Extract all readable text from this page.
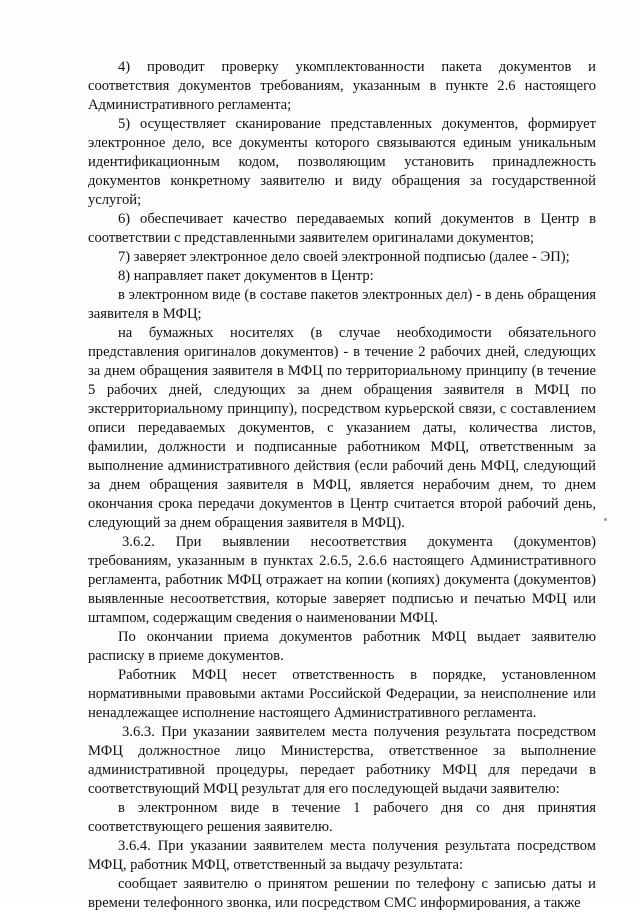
4) проводит проверку укомплектованности пакета документов и соответствия документов требованиям, указанным в пункте 2.6 настоящего Административного регламента;

5) осуществляет сканирование представленных документов, формирует электронное дело, все документы которого связываются единым уникальным идентификационным кодом, позволяющим установить принадлежность документов конкретному заявителю и виду обращения за государственной услугой;

6) обеспечивает качество передаваемых копий документов в Центр в соответствии с представленными заявителем оригиналами документов;

7) заверяет электронное дело своей электронной подписью (далее - ЭП);

8) направляет пакет документов в Центр:

в электронном виде (в составе пакетов электронных дел) - в день обращения заявителя в МФЦ;

на бумажных носителях (в случае необходимости обязательного представления оригиналов документов) - в течение 2 рабочих дней, следующих за днем обращения заявителя в МФЦ по территориальному принципу (в течение 5 рабочих дней, следующих за днем обращения заявителя в МФЦ по экстерриториальному принципу), посредством курьерской связи, с составлением описи передаваемых документов, с указанием даты, количества листов, фамилии, должности и подписанные работником МФЦ, ответственным за выполнение административного действия (если рабочий день МФЦ, следующий за днем обращения заявителя в МФЦ, является нерабочим днем, то днем окончания срока передачи документов в Центр считается второй рабочий день, следующий за днем обращения заявителя в МФЦ).

3.6.2. При выявлении несоответствия документа (документов) требованиям, указанным в пунктах 2.6.5, 2.6.6 настоящего Административного регламента, работник МФЦ отражает на копии (копиях) документа (документов) выявленные несоответствия, которые заверяет подписью и печатью МФЦ или штампом, содержащим сведения о наименовании МФЦ.

По окончании приема документов работник МФЦ выдает заявителю расписку в приеме документов.

Работник МФЦ несет ответственность в порядке, установленном нормативными правовыми актами Российской Федерации, за неисполнение или ненадлежащее исполнение настоящего Административного регламента.

3.6.3. При указании заявителем места получения результата посредством МФЦ должностное лицо Министерства, ответственное за выполнение административной процедуры, передает работнику МФЦ для передачи в соответствующий МФЦ результат для его последующей выдачи заявителю:

в электронном виде в течение 1 рабочего дня со дня принятия соответствующего решения заявителю.

3.6.4. При указании заявителем места получения результата посредством МФЦ, работник МФЦ, ответственный за выдачу результата:

сообщает заявителю о принятом решении по телефону с записью даты и времени телефонного звонка, или посредством СМС информирования, а также
